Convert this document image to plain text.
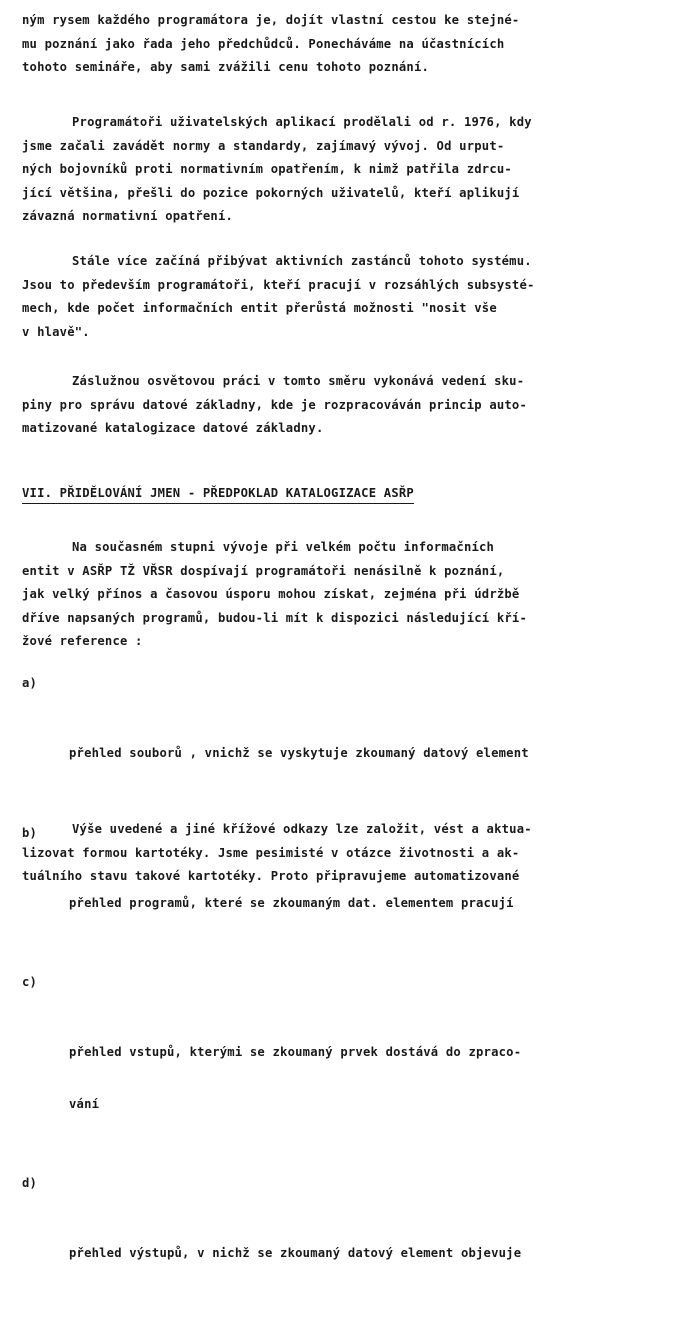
ným rysem každého programátora je, dojít vlastní cestou ke stejné-
mu poznání jako řada jeho předchůdců. Ponecháváme na účastnících
tohoto semináře, aby sami zvážili cenu tohoto poznání.
Programátoři uživatelských aplikací prodělali od r. 1976, kdy
jsme začali zavádět normy a standardy, zajímavý vývoj. Od urput-
ných bojovníků proti normativním opatřením, k nimž patřila zdrcu-
jící většina, přešli do pozice pokorných uživatelů, kteří aplikují
závazná normativní opatření.
Stále více začíná přibývat aktivních zastánců tohoto systému.
Jsou to především programátoři, kteří pracují v rozsáhlých subsysté-
mech, kde počet informačních entit přerůstá možnosti "nosit vše
v hlavě".
Záslužnou osvětovou práci v tomto směru vykonává vedení sku-
piny pro správu datové základny, kde je rozpracováván princip auto-
matizované katalogizace datové základny.
VII. PŘIDĚLOVÁNÍ JMEN - PŘEDPOKLAD KATALOGIZACE ASŘP
Na současném stupni vývoje při velkém počtu informačních
entit v ASŘP TŽ VŘSR dospívají programátoři nenásilně k poznání,
jak velký přínos a časovou úsporu mohou získat, zejména při údržbě
dříve napsaných programů, budou-li mít k dispozici následující kří-
žové reference :

a)

přehled souborů , vnichž se vyskytuje zkoumaný datový element

b)

přehled programů, které se zkoumaným dat. elementem pracují

c)

přehled vstupů, kterými se zkoumaný prvek dostává do zpraco-

vání

d)

přehled výstupů, v nichž se zkoumaný datový element objevuje

Výše uvedené a jiné křížové odkazy lze založit, vést a aktua-
lizovat formou kartotéky. Jsme pesimisté v otázce životnosti a ak-
tuálního stavu takové kartotéky. Proto připravujeme automatizované
